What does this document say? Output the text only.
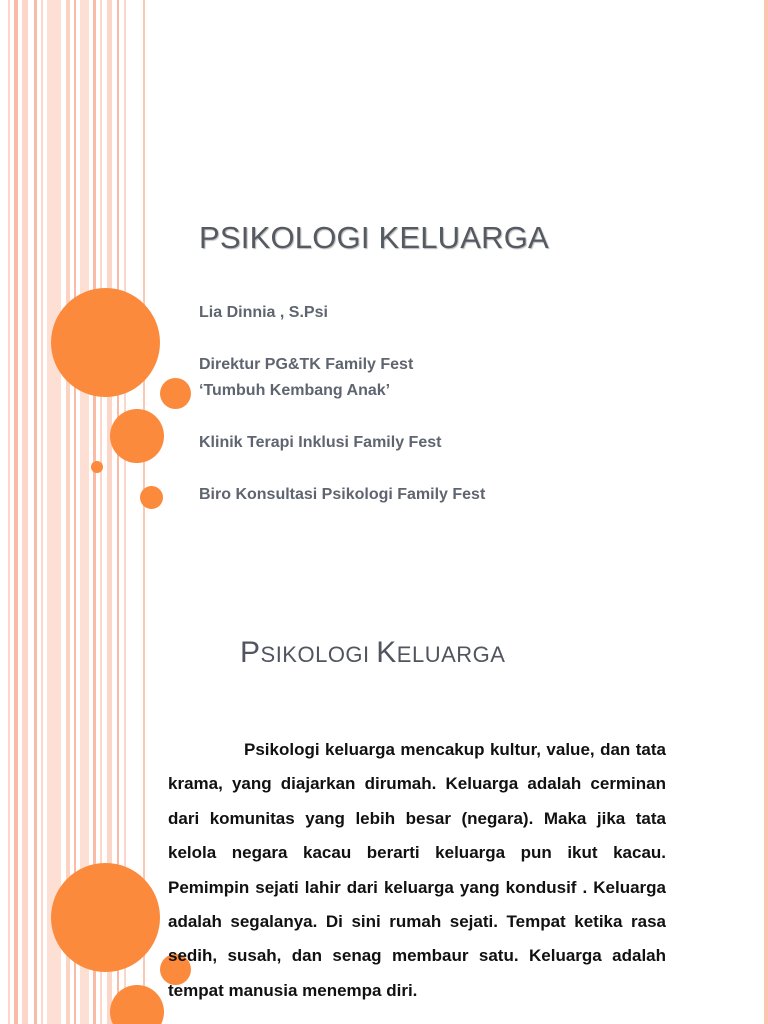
PSIKOLOGI KELUARGA

Lia Dinnia , S.Psi

Direktur PG&TK Family Fest

‘Tumbuh Kembang Anak’

Klinik Terapi Inklusi Family Fest

Biro Konsultasi Psikologi Family Fest

PSIKOLOGI KELUARGA

Psikologi keluarga mencakup kultur, value, dan tata krama, yang diajarkan dirumah. Keluarga adalah cerminan dari komunitas yang lebih besar (negara). Maka jika tata kelola negara kacau berarti keluarga pun ikut kacau. Pemimpin sejati lahir dari keluarga yang kondusif . Keluarga adalah segalanya. Di sini rumah sejati. Tempat ketika rasa sedih, susah, dan senag membaur satu. Keluarga adalah tempat manusia menempa diri.
